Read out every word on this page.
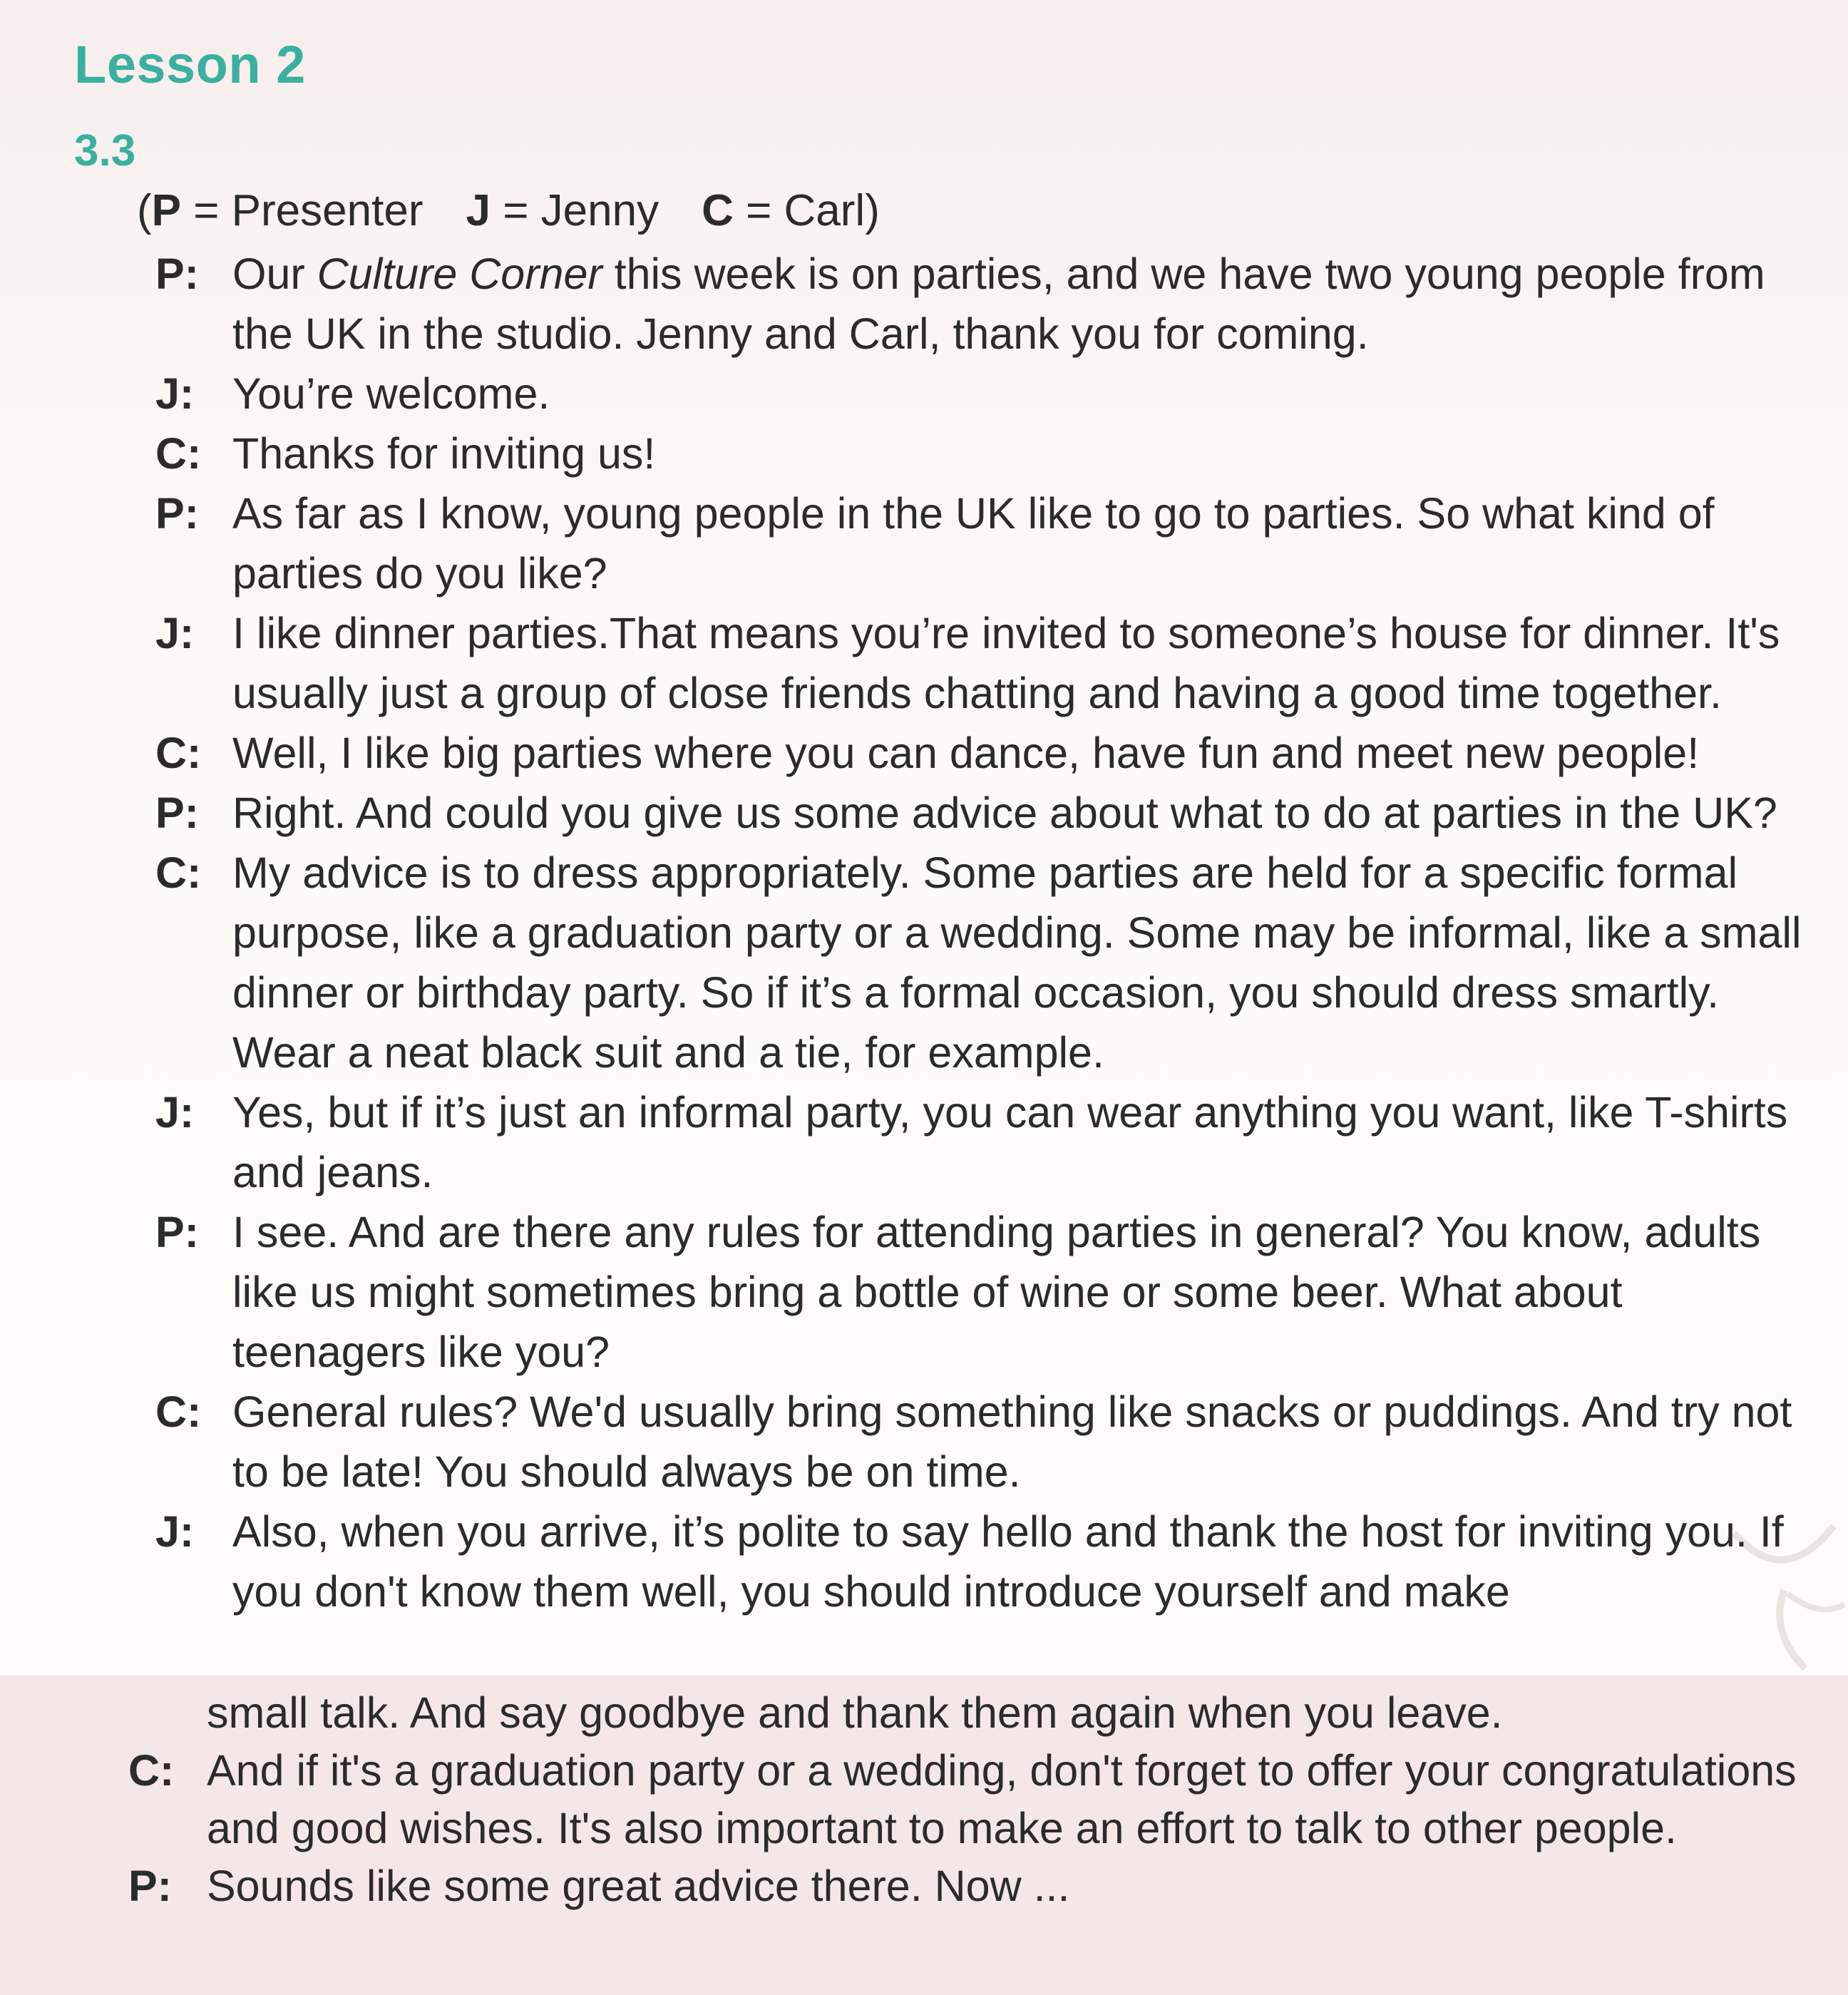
Lesson 2
3.3
(P = Presenter J = Jenny C = Carl)
P: Our Culture Corner this week is on parties, and we have two young people from the UK in the studio. Jenny and Carl, thank you for coming.
J: You’re welcome.
C: Thanks for inviting us!
P: As far as I know, young people in the UK like to go to parties. So what kind of parties do you like?
J: I like dinner parties.That means you’re invited to someone’s house for dinner. It's usually just a group of close friends chatting and having a good time together.
C: Well, I like big parties where you can dance, have fun and meet new people!
P: Right. And could you give us some advice about what to do at parties in the UK?
C: My advice is to dress appropriately. Some parties are held for a specific formal purpose, like a graduation party or a wedding. Some may be informal, like a small dinner or birthday party. So if it’s a formal occasion, you should dress smartly. Wear a neat black suit and a tie, for example.
J: Yes, but if it’s just an informal party, you can wear anything you want, like T-shirts and jeans.
P: I see. And are there any rules for attending parties in general? You know, adults like us might sometimes bring a bottle of wine or some beer. What about teenagers like you?
C: General rules? We'd usually bring something like snacks or puddings. And try not to be late! You should always be on time.
J: Also, when you arrive, it’s polite to say hello and thank the host for inviting you. If you don't know them well, you should introduce yourself and make
small talk. And say goodbye and thank them again when you leave.
C: And if it's a graduation party or a wedding, don't forget to offer your congratulations and good wishes. It's also important to make an effort to talk to other people.
P: Sounds like some great advice there. Now ...
